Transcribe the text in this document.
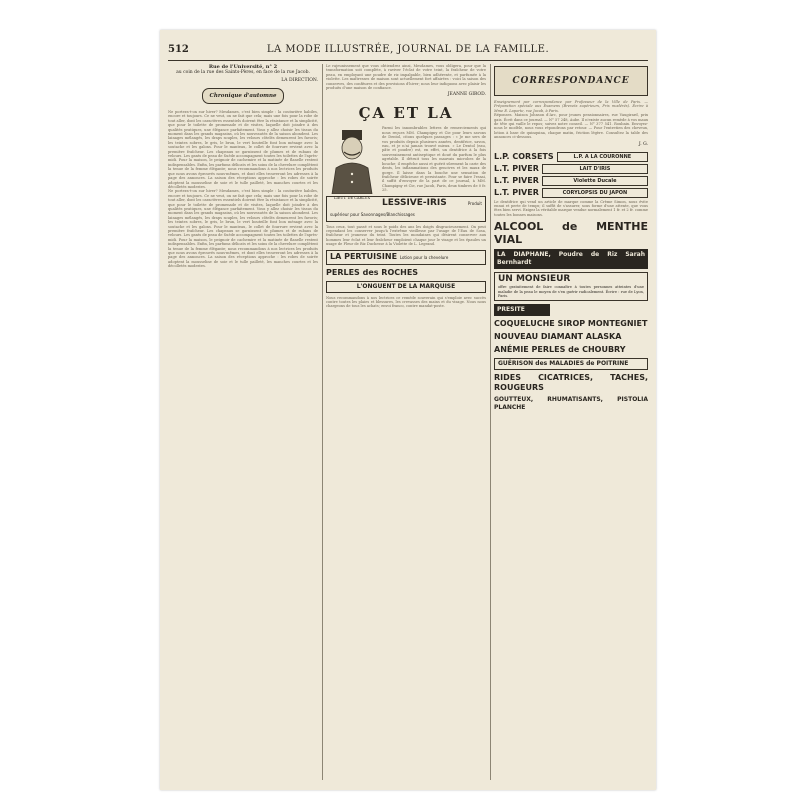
512	LA MODE ILLUSTRÉE, JOURNAL DE LA FAMILLE.
Rue de l'Université, n° 2
au coin de la rue des Saints-Pères, en face de la rue Jacob.
LA DIRECTION.
Chronique d'automne
Ne portera-t-on sur hiver? Mesdames, c'est bien simple : la couturière habiles, encore et toujours. Ce ne veut, on ne fait que cela; mais une fois pour la robe de tout aller, dont les caractères essentiels doivent être la résistance et la simplicité, que pour le toilette de promenade et de visites, laquelle doit joindre à des qualités pratiques, une élégance parfaitement. Vous y allez choisir les tissus du moment dans les grands magasins, où les nouveautés de la saison abondent. Les lainages mélangés, les draps souples, les velours côtelés demeurent les favoris; les teintes sobres, le gris, le brun, le vert bouteille font bon ménage avec la soutache et les galons. Pour le manteau, le collet de fourrure revient avec la première fraîcheur. Les chapeaux se garnissent de plumes et de rubans de velours. Les gants de peau de Suède accompagnent toutes les toilettes de l'après-midi. Pour la maison, le peignoir de cachemire et la matinée de flanelle restent indispensables. Enfin, les parfums délicats et les soins de la chevelure complètent la tenue de la femme élégante; nous recommandons à nos lectrices les produits que nous avons éprouvés nous-mêmes, et dont elles trouveront les adresses à la page des annonces. La saison des réceptions approche : les robes de soirée adoptent la mousseline de soie et le tulle pailleté, les manches courtes et les décolletés modestes.
Ne portera-t-on sur hiver? Mesdames, c'est bien simple : la couturière habiles, encore et toujours. Ce ne veut, on ne fait que cela; mais une fois pour la robe de tout aller, dont les caractères essentiels doivent être la résistance et la simplicité, que pour le toilette de promenade et de visites, laquelle doit joindre à des qualités pratiques, une élégance parfaitement. Vous y allez choisir les tissus du moment dans les grands magasins, où les nouveautés de la saison abondent. Les lainages mélangés, les draps souples, les velours côtelés demeurent les favoris; les teintes sobres, le gris, le brun, le vert bouteille font bon ménage avec la soutache et les galons. Pour le manteau, le collet de fourrure revient avec la première fraîcheur. Les chapeaux se garnissent de plumes et de rubans de velours. Les gants de peau de Suède accompagnent toutes les toilettes de l'après-midi. Pour la maison, le peignoir de cachemire et la matinée de flanelle restent indispensables. Enfin, les parfums délicats et les soins de la chevelure complètent la tenue de la femme élégante; nous recommandons à nos lectrices les produits que nous avons éprouvés nous-mêmes, et dont elles trouveront les adresses à la page des annonces. La saison des réceptions approche : les robes de soirée adoptent la mousseline de soie et le tulle pailleté, les manches courtes et les décolletés modestes.
Le rajeunissement que vous obtiendrez ainsi, Mesdames, vous obligera, pour que la transformation soit complète, à raviver l'éclat de votre teint, la fraîcheur de votre peau, en employant une poudre de riz impalpable, bien adhérente, et parfumée à la violette. Les maîtresses de maison sont actuellement fort affairées : voici la saison des conserves, des confitures et des provisions d'hiver; nous leur indiquons avec plaisir les produits d'une maison de confiance.
JEANNE GIROD.
ÇA ET LA
LIEUT. DE CARLUX
Parmi les innombrables lettres de remerciements qui nous reçues MM. Champigny et Cie pour leurs savons de Dentol, citons quelques passages : « Je me sers de vos produits depuis plusieurs années, dentifrice, savon, eau, et je n'ai jamais trouvé mieux. » Le Dentol (eau, pâte et poudre) est, en effet, un dentifrice à la fois souverainement antiseptique et doué du parfum le plus agréable. Il détruit tous les mauvais microbes de la bouche; il empêche aussi et guérit sûrement la carie des dents, les inflammations des gencives et les maux de gorge. Il laisse dans la bouche une sensation de fraîcheur délicieuse et persistante. Pour se faire l'essai, il suffit d'envoyer de la part de ce journal, à MM. Champigny et Cie, rue Jacob, Paris, deux timbres de 0 fr. 25.
LESSIVE-IRIS	Produit supérieur pour Savonnages/Blanchissages
Tous ceux, tout passé et sous le poids des ans les doigts disgracieusement. On peut cependant les conserver jusqu'à l'extrême vieillesse par l'usage de l'Eau de Sosa, fraîcheur et jeunesse du teint. Toutes les mondaines qui désirent conserver aux hommes leur éclat et leur fraîcheur emploient chaque jour le visage et les épaules un usage de Fleur de Riz Duchesse à la Violette de L. Legrand.
LA PERTUISINE Lotion pour la chevelure
PERLES des ROCHES
L'ONGUENT DE LA MARQUISE
Nous recommandons à nos lectrices ce remède souverain qui s'emploie avec succès contre toutes les plaies et blessures, les crevasses des mains et du visage. Nous nous chargeons de tous les achats; envoi franco, contre mandat-poste.
CORRESPONDANCE
Enseignement par correspondance par Professeur de la Ville de Paris. — Préparation spéciale aux Examens (Brevets supérieurs, Prix modérés). Écrire à Mme E. Laporte, rue Jacob, à Paris.
Réponses. Maison Johnson d'Arc, pour jeunes pensionnaires, rue Vaugirard, prix gais. Écrit dans ce journal. — N° 57 248, Aube. Il n'existe aucun remède à vos maux de tête qui vaille le repos; suivez notre conseil. — N° 377 541. Roubaix. Envoyez-nous le modèle, nous vous répondrons par retour. — Pour l'entretien des cheveux, lotion à base de quinquina, chaque matin, friction légère. Consultez la table des annonces ci-dessous.
J. G.
L.P. CORSETS	L.P. A LA COURONNE
L.T. PIVER	LAIT D'IRIS
L.T. PIVER	Violette Ducale
L.T. PIVER	CORYLOPSIS DU JAPON
Le dentifrice qui vend un article de marque comme la Crème Simon, nous évite ennui et perte de temps; il suffit de s'assurer, sous forme d'une attente, que vous êtes bien servi. Exigez la véritable marque vendue normalement 1 fr. et 2 fr. comme toutes les bonnes maisons.
ALCOOL de MENTHE VIAL
LA DIAPHANE, Poudre de Riz Sarah Bernhardt
UN MONSIEUR
offre gratuitement de faire connaître à toutes personnes atteintes d'une maladie de la peau le moyen de s'en guérir radicalement. Écrire : rue de Lyon, Paris.
PRESITE
COQUELUCHE SIROP MONTEGNIET
NOUVEAU DIAMANT ALASKA
ANÉMIE PERLES de CHOUBRY
GUÉRISON des MALADIES de POITRINE
RIDES CICATRICES, TACHES, ROUGEURS
GOUTTEUX, RHUMATISANTS, PISTOLIA PLANCHE
